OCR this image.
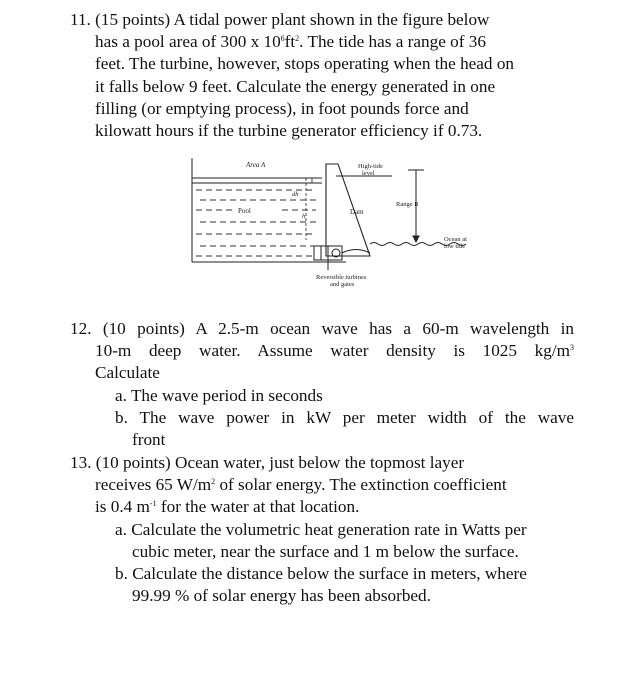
11. (15 points) A tidal power plant shown in the figure below
has a pool area of 300 x $10^6ft^2$. The tide has a range of 36
feet. The turbine, however, stops operating when the head on
it falls below 9 feet. Calculate the energy generated in one
filling (or emptying process), in foot pounds force and
kilowatt hours if the turbine generator efficiency if 0.73.
Area A
dh
Pool
h
Dam
High-tide
level
Range R
Ocean at
low tide
Reversible turbines
and gates
12. (10 points) A 2.5-m ocean wave has a 60-m wavelength in
10-m deep water. Assume water density is 1025 $kg/m^3$
Calculate
a. The wave period in seconds
b. The wave power in kW per meter width of the wave
front
13. (10 points) Ocean water, just below the topmost layer
receives 65 $W/m^2$ of solar energy. The extinction coefficient
is 0.4 $m^{-1}$ for the water at that location.
a. Calculate the volumetric heat generation rate in Watts per
cubic meter, near the surface and 1 m below the surface.
b. Calculate the distance below the surface in meters, where
99.99 % of solar energy has been absorbed.
